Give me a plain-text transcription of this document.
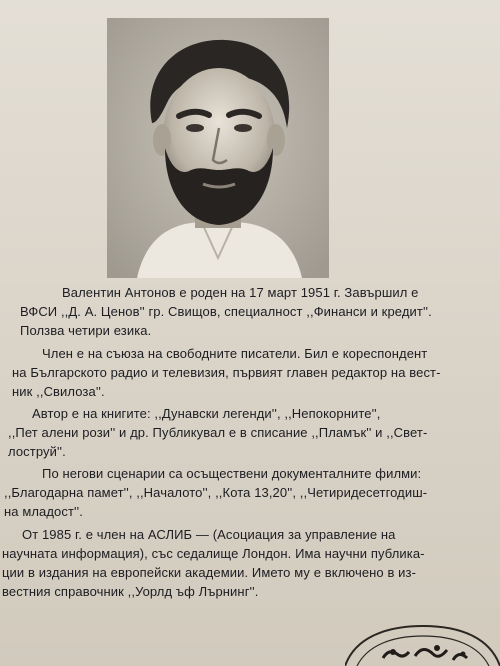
Валентин Антонов е роден на 17 март 1951 г. Завършил е
ВФСИ ,,Д. А. Ценов'' гр. Свищов, специалност ,,Финанси и кредит''.
Ползва четири езика.
Член е на съюза на свободните писатели. Бил е кореспондент
на Българското радио и телевизия, първият главен редактор на вест-
ник ,,Свилоза''.
Автор е на книгите: ,,Дунавски легенди'', ,,Непокорните'',
,,Пет алени рози'' и др. Публикувал е в списание ,,Пламък'' и ,,Свет-
лоструй''.
По негови сценарии са осъществени документалните филми:
,,Благодарна памет'', ,,Началото'', ,,Кота 13,20'', ,,Четиридесетгодиш-
на младост''.
От 1985 г. е член на АСЛИБ — (Асоциация за управление на
научната информация), със седалище Лондон. Има научни публика-
ции в издания на европейски академии. Името му е включено в из-
вестния справочник ,,Уорлд ъф Лърнинг''.
